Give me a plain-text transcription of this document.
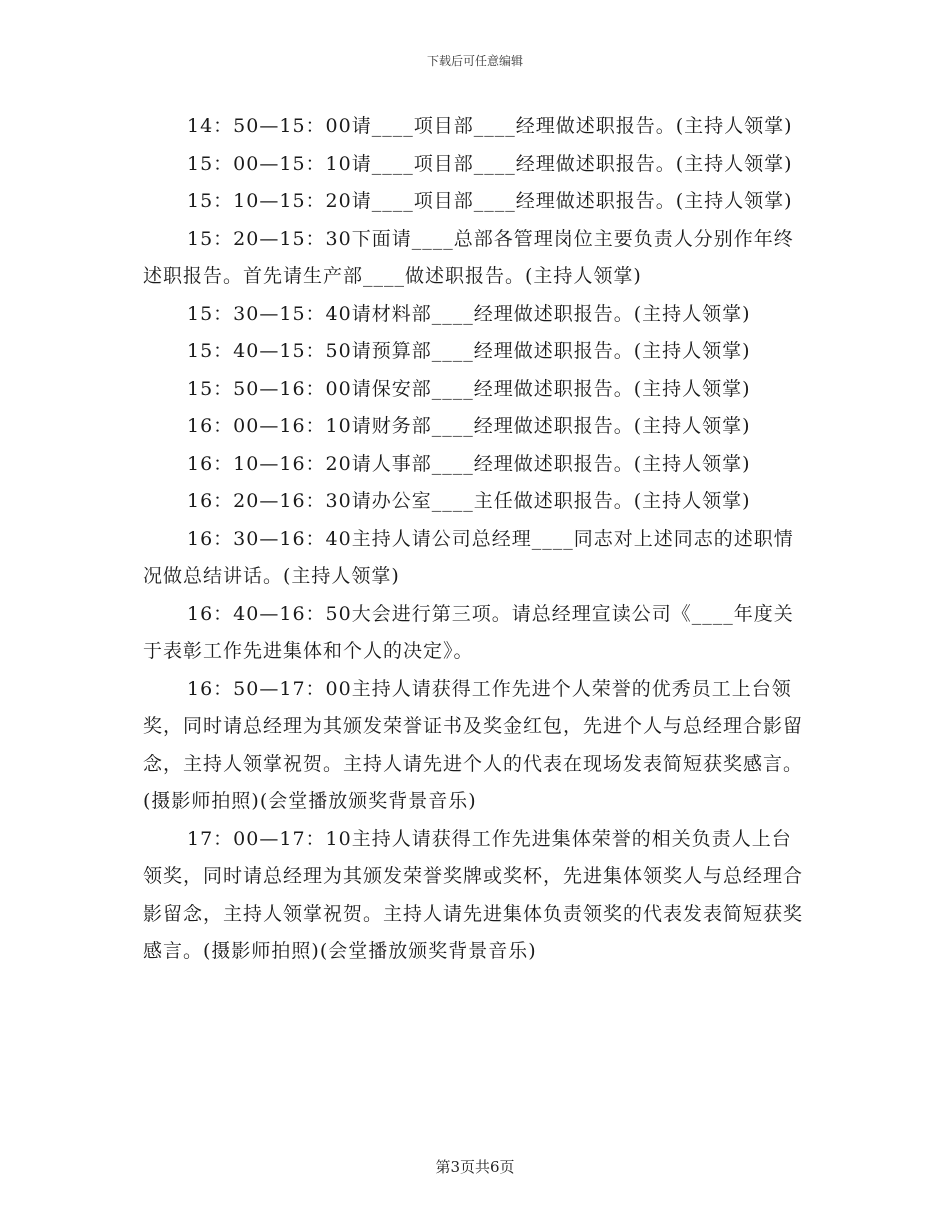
下载后可任意编辑

14：50—15：00请____项目部____经理做述职报告。(主持人领掌)

15：00—15：10请____项目部____经理做述职报告。(主持人领掌)

15：10—15：20请____项目部____经理做述职报告。(主持人领掌)

15：20—15：30下面请____总部各管理岗位主要负责人分别作年终述职报告。首先请生产部____做述职报告。(主持人领掌)

15：30—15：40请材料部____经理做述职报告。(主持人领掌)

15：40—15：50请预算部____经理做述职报告。(主持人领掌)

15：50—16：00请保安部____经理做述职报告。(主持人领掌)

16：00—16：10请财务部____经理做述职报告。(主持人领掌)

16：10—16：20请人事部____经理做述职报告。(主持人领掌)

16：20—16：30请办公室____主任做述职报告。(主持人领掌)

16：30—16：40主持人请公司总经理____同志对上述同志的述职情况做总结讲话。(主持人领掌)

16：40—16：50大会进行第三项。请总经理宣读公司《____年度关于表彰工作先进集体和个人的决定》。

16：50—17：00主持人请获得工作先进个人荣誉的优秀员工上台领奖，同时请总经理为其颁发荣誉证书及奖金红包，先进个人与总经理合影留念，主持人领掌祝贺。主持人请先进个人的代表在现场发表简短获奖感言。(摄影师拍照)(会堂播放颁奖背景音乐)

17：00—17：10主持人请获得工作先进集体荣誉的相关负责人上台领奖，同时请总经理为其颁发荣誉奖牌或奖杯，先进集体领奖人与总经理合影留念，主持人领掌祝贺。主持人请先进集体负责领奖的代表发表简短获奖感言。(摄影师拍照)(会堂播放颁奖背景音乐)

第3页共6页
